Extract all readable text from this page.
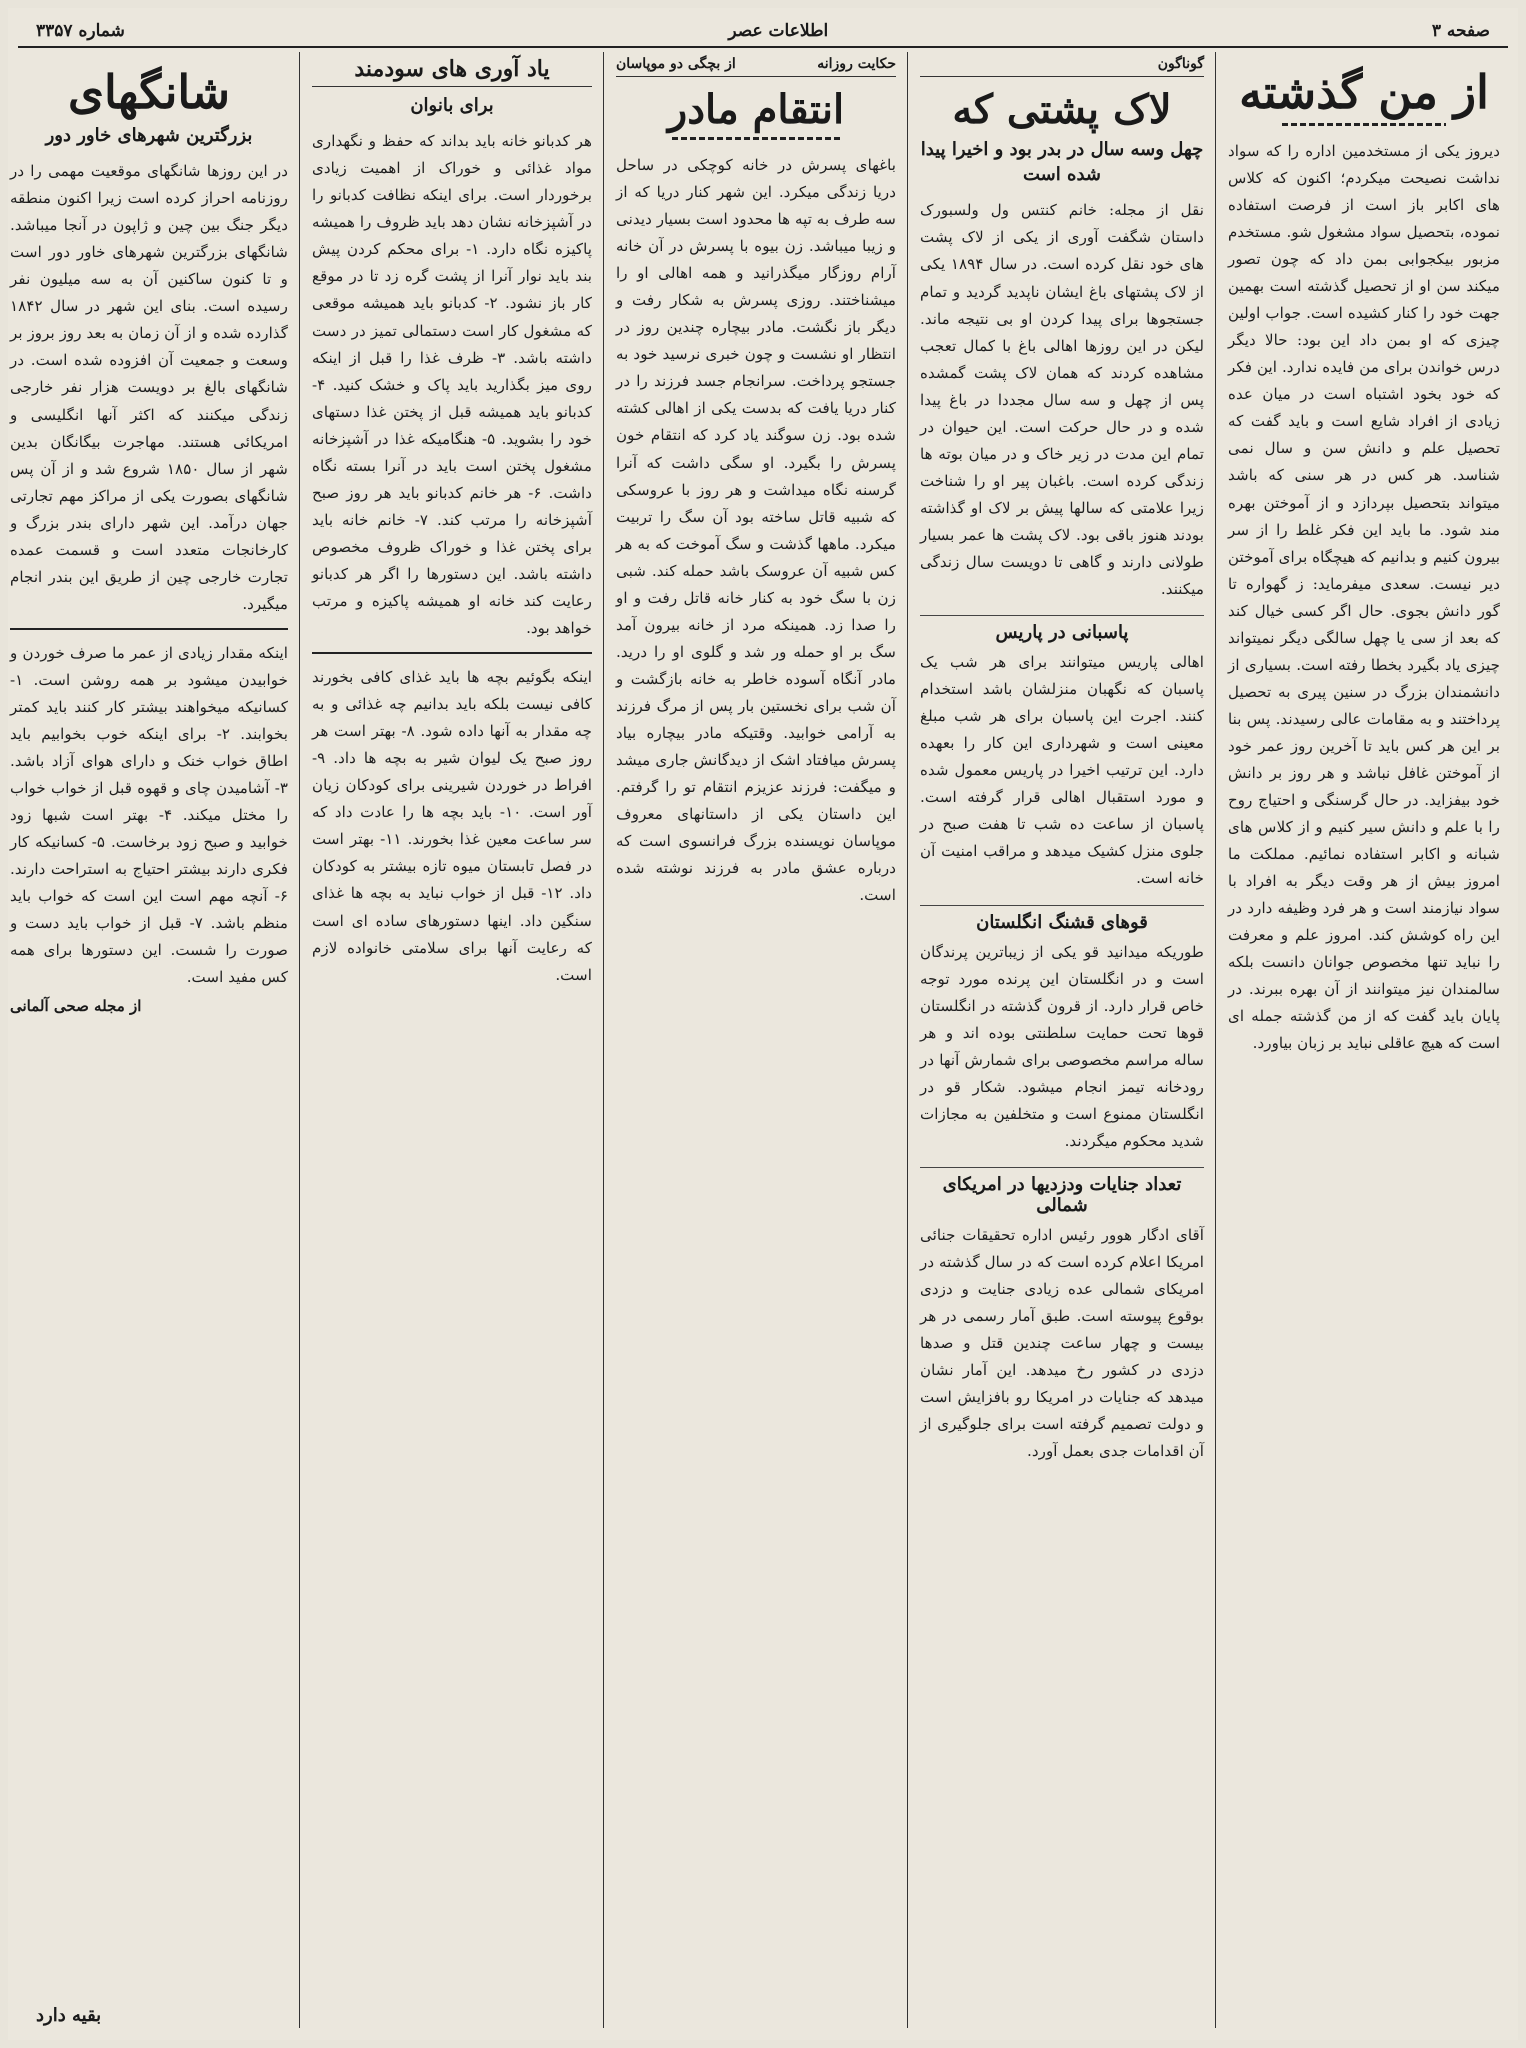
صفحه ۳
اطلاعات عصر
شماره ۳۳۵۷
از من گذشته
دیروز یکی از مستخدمین اداره را که سواد نداشت نصیحت میکردم؛ اکنون که کلاس های اکابر باز است از فرصت استفاده نموده، بتحصیل سواد مشغول شو. مستخدم مزبور بیکجوابی بمن داد که چون تصور میکند سن او از تحصیل گذشته است بهمین جهت خود را کنار کشیده است. جواب اولین چیزی که او بمن داد این بود: حالا دیگر درس خواندن برای من فایده ندارد. این فکر که خود بخود اشتباه است در میان عده زیادی از افراد شایع است و باید گفت که تحصیل علم و دانش سن و سال نمی شناسد. هر کس در هر سنی که باشد میتواند بتحصیل بپردازد و از آموختن بهره مند شود. ما باید این فکر غلط را از سر بیرون کنیم و بدانیم که هیچگاه برای آموختن دیر نیست. سعدی میفرماید: ز گهواره تا گور دانش بجوی. حال اگر کسی خیال کند که بعد از سی یا چهل سالگی دیگر نمیتواند چیزی یاد بگیرد بخطا رفته است. بسیاری از دانشمندان بزرگ در سنین پیری به تحصیل پرداختند و به مقامات عالی رسیدند. پس بنا بر این هر کس باید تا آخرین روز عمر خود از آموختن غافل نباشد و هر روز بر دانش خود بیفزاید. در حال گرسنگی و احتیاج روح را با علم و دانش سیر کنیم و از کلاس های شبانه و اکابر استفاده نمائیم. مملکت ما امروز بیش از هر وقت دیگر به افراد با سواد نیازمند است و هر فرد وظیفه دارد در این راه کوشش کند. امروز علم و معرفت را نباید تنها مخصوص جوانان دانست بلکه سالمندان نیز میتوانند از آن بهره ببرند. در پایان باید گفت که از من گذشته جمله ای است که هیچ عاقلی نباید بر زبان بیاورد.
گوناگون
لاک پشتی که
چهل وسه سال در بدر بود و اخیرا پیدا شده است
نقل از مجله: خانم کنتس ول ولسبورک داستان شگفت آوری از یکی از لاک پشت های خود نقل کرده است. در سال ۱۸۹۴ یکی از لاک پشتهای باغ ایشان ناپدید گردید و تمام جستجوها برای پیدا کردن او بی نتیجه ماند. لیکن در این روزها اهالی باغ با کمال تعجب مشاهده کردند که همان لاک پشت گمشده پس از چهل و سه سال مجددا در باغ پیدا شده و در حال حرکت است. این حیوان در تمام این مدت در زیر خاک و در میان بوته ها زندگی کرده است. باغبان پیر او را شناخت زیرا علامتی که سالها پیش بر لاک او گذاشته بودند هنوز باقی بود. لاک پشت ها عمر بسیار طولانی دارند و گاهی تا دویست سال زندگی میکنند.
پاسبانی در پاریس
اهالی پاریس میتوانند برای هر شب یک پاسبان که نگهبان منزلشان باشد استخدام کنند. اجرت این پاسبان برای هر شب مبلغ معینی است و شهرداری این کار را بعهده دارد. این ترتیب اخیرا در پاریس معمول شده و مورد استقبال اهالی قرار گرفته است. پاسبان از ساعت ده شب تا هفت صبح در جلوی منزل کشیک میدهد و مراقب امنیت آن خانه است.
قوهای قشنگ انگلستان
طوریکه میدانید قو یکی از زیباترین پرندگان است و در انگلستان این پرنده مورد توجه خاص قرار دارد. از قرون گذشته در انگلستان قوها تحت حمایت سلطنتی بوده اند و هر ساله مراسم مخصوصی برای شمارش آنها در رودخانه تیمز انجام میشود. شکار قو در انگلستان ممنوع است و متخلفین به مجازات شدید محکوم میگردند.
تعداد جنایات ودزدیها در امریکای شمالی
آقای ادگار هوور رئیس اداره تحقیقات جنائی امریکا اعلام کرده است که در سال گذشته در امریکای شمالی عده زیادی جنایت و دزدی بوقوع پیوسته است. طبق آمار رسمی در هر بیست و چهار ساعت چندین قتل و صدها دزدی در کشور رخ میدهد. این آمار نشان میدهد که جنایات در امریکا رو بافزایش است و دولت تصمیم گرفته است برای جلوگیری از آن اقدامات جدی بعمل آورد.
حکایت روزانه
از بچگی دو موپاسان
انتقام مادر
باغهای پسرش در خانه کوچکی در ساحل دریا زندگی میکرد. این شهر کنار دریا که از سه طرف به تپه ها محدود است بسیار دیدنی و زیبا میباشد. زن بیوه با پسرش در آن خانه آرام روزگار میگذرانید و همه اهالی او را میشناختند. روزی پسرش به شکار رفت و دیگر باز نگشت. مادر بیچاره چندین روز در انتظار او نشست و چون خبری نرسید خود به جستجو پرداخت. سرانجام جسد فرزند را در کنار دریا یافت که بدست یکی از اهالی کشته شده بود. زن سوگند یاد کرد که انتقام خون پسرش را بگیرد. او سگی داشت که آنرا گرسنه نگاه میداشت و هر روز با عروسکی که شبیه قاتل ساخته بود آن سگ را تربیت میکرد. ماهها گذشت و سگ آموخت که به هر کس شبیه آن عروسک باشد حمله کند. شبی زن با سگ خود به کنار خانه قاتل رفت و او را صدا زد. همینکه مرد از خانه بیرون آمد سگ بر او حمله ور شد و گلوی او را درید. مادر آنگاه آسوده خاطر به خانه بازگشت و آن شب برای نخستین بار پس از مرگ فرزند به آرامی خوابید. وقتیکه مادر بیچاره بیاد پسرش میافتاد اشک از دیدگانش جاری میشد و میگفت: فرزند عزیزم انتقام تو را گرفتم. این داستان یکی از داستانهای معروف موپاسان نویسنده بزرگ فرانسوی است که درباره عشق مادر به فرزند نوشته شده است.
یاد آوری های سودمند
برای بانوان
هر کدبانو خانه باید بداند که حفظ و نگهداری مواد غذائی و خوراک از اهمیت زیادی برخوردار است. برای اینکه نظافت کدبانو را در آشپزخانه نشان دهد باید ظروف را همیشه پاکیزه نگاه دارد. ۱- برای محکم کردن پیش بند باید نوار آنرا از پشت گره زد تا در موقع کار باز نشود. ۲- کدبانو باید همیشه موقعی که مشغول کار است دستمالی تمیز در دست داشته باشد. ۳- ظرف غذا را قبل از اینکه روی میز بگذارید باید پاک و خشک کنید. ۴- کدبانو باید همیشه قبل از پختن غذا دستهای خود را بشوید. ۵- هنگامیکه غذا در آشپزخانه مشغول پختن است باید در آنرا بسته نگاه داشت. ۶- هر خانم کدبانو باید هر روز صبح آشپزخانه را مرتب کند. ۷- خانم خانه باید برای پختن غذا و خوراک ظروف مخصوص داشته باشد. این دستورها را اگر هر کدبانو رعایت کند خانه او همیشه پاکیزه و مرتب خواهد بود.
اینکه بگوئیم بچه ها باید غذای کافی بخورند کافی نیست بلکه باید بدانیم چه غذائی و به چه مقدار به آنها داده شود. ۸- بهتر است هر روز صبح یک لیوان شیر به بچه ها داد. ۹- افراط در خوردن شیرینی برای کودکان زیان آور است. ۱۰- باید بچه ها را عادت داد که سر ساعت معین غذا بخورند. ۱۱- بهتر است در فصل تابستان میوه تازه بیشتر به کودکان داد. ۱۲- قبل از خواب نباید به بچه ها غذای سنگین داد. اینها دستورهای ساده ای است که رعایت آنها برای سلامتی خانواده لازم است.
شانگهای
بزرگترین شهرهای خاور دور
در این روزها شانگهای موقعیت مهمی را در روزنامه احراز کرده است زیرا اکنون منطقه دیگر جنگ بین چین و ژاپون در آنجا میباشد. شانگهای بزرگترین شهرهای خاور دور است و تا کنون ساکنین آن به سه میلیون نفر رسیده است. بنای این شهر در سال ۱۸۴۲ گذارده شده و از آن زمان به بعد روز بروز بر وسعت و جمعیت آن افزوده شده است. در شانگهای بالغ بر دویست هزار نفر خارجی زندگی میکنند که اکثر آنها انگلیسی و امریکائی هستند. مهاجرت بیگانگان بدین شهر از سال ۱۸۵۰ شروع شد و از آن پس شانگهای بصورت یکی از مراکز مهم تجارتی جهان درآمد. این شهر دارای بندر بزرگ و کارخانجات متعدد است و قسمت عمده تجارت خارجی چین از طریق این بندر انجام میگیرد.
اینکه مقدار زیادی از عمر ما صرف خوردن و خوابیدن میشود بر همه روشن است. ۱- کسانیکه میخواهند بیشتر کار کنند باید کمتر بخوابند. ۲- برای اینکه خوب بخوابیم باید اطاق خواب خنک و دارای هوای آزاد باشد. ۳- آشامیدن چای و قهوه قبل از خواب خواب را مختل میکند. ۴- بهتر است شبها زود خوابید و صبح زود برخاست. ۵- کسانیکه کار فکری دارند بیشتر احتیاج به استراحت دارند. ۶- آنچه مهم است این است که خواب باید منظم باشد. ۷- قبل از خواب باید دست و صورت را شست. این دستورها برای همه کس مفید است.
از مجله صحی آلمانی
بقیه دارد
